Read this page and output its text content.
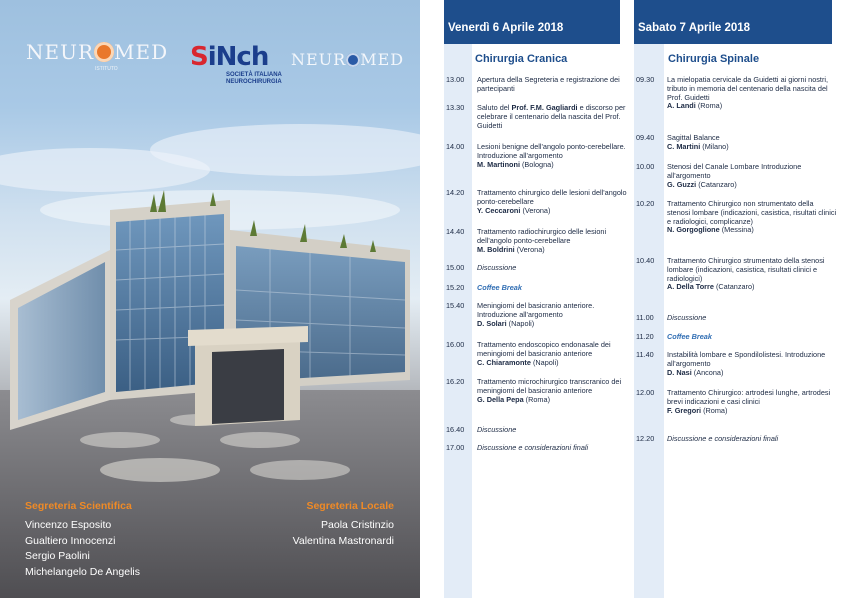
NEUR MED
ISTITUTO	SiNch
SOCIETÀ ITALIANA NEUROCHIRURGIA
NEUR MED
Segreteria Scientifica
Vincenzo Esposito
Gualtiero Innocenzi
Sergio Paolini
Michelangelo De Angelis
Segreteria Locale
Paola Cristinzio
Valentina Mastronardi
Venerdì 6 Aprile 2018	Sabato 7 Aprile 2018
Chirurgia Cranica	Chirurgia Spinale
13.00	Apertura della Segreteria e registrazione dei partecipanti
13.30	Saluto del Prof. F.M. Gagliardi e discorso per celebrare il centenario della nascita del Prof. Guidetti
14.00	Lesioni benigne dell'angolo ponto-cerebellare. Introduzione all'argomento
M. Martinoni (Bologna)
14.20	Trattamento chirurgico delle lesioni dell'angolo ponto-cerebellare
Y. Ceccaroni (Verona)
14.40	Trattamento radiochirurgico delle lesioni dell'angolo ponto-cerebellare
M. Boldrini (Verona)
15.00	Discussione
15.20	Coffee Break
15.40	Meningiomi del basicranio anteriore. Introduzione all'argomento
D. Solari (Napoli)
16.00	Trattamento endoscopico endonasale dei meningiomi del basicranio anteriore
C. Chiaramonte (Napoli)
16.20	Trattamento microchirurgico transcranico dei meningiomi del basicranio anteriore
G. Della Pepa (Roma)
16.40	Discussione
17.00	Discussione e considerazioni finali
09.30	La mielopatia cervicale da Guidetti ai giorni nostri, tributo in memoria del centenario della nascita del Prof. Guidetti
A. Landi (Roma)
09.40	Sagittal Balance
C. Martini (Milano)
10.00	Stenosi del Canale Lombare Introduzione all'argomento
G. Guzzi (Catanzaro)
10.20	Trattamento Chirurgico non strumentato della stenosi lombare (indicazioni, casistica, risultati clinici e radiologici, complicanze)
N. Gorgoglione (Messina)
10.40	Trattamento Chirurgico strumentato della stenosi lombare (indicazioni, casistica, risultati clinici e radiologici)
A. Della Torre (Catanzaro)
11.00	Discussione
11.20	Coffee Break
11.40	Instabilità lombare e Spondilolistesi. Introduzione all'argomento
D. Nasi (Ancona)
12.00	Trattamento Chirurgico: artrodesi lunghe, artrodesi brevi indicazioni e casi clinici
F. Gregori (Roma)
12.20	Discussione e considerazioni finali
